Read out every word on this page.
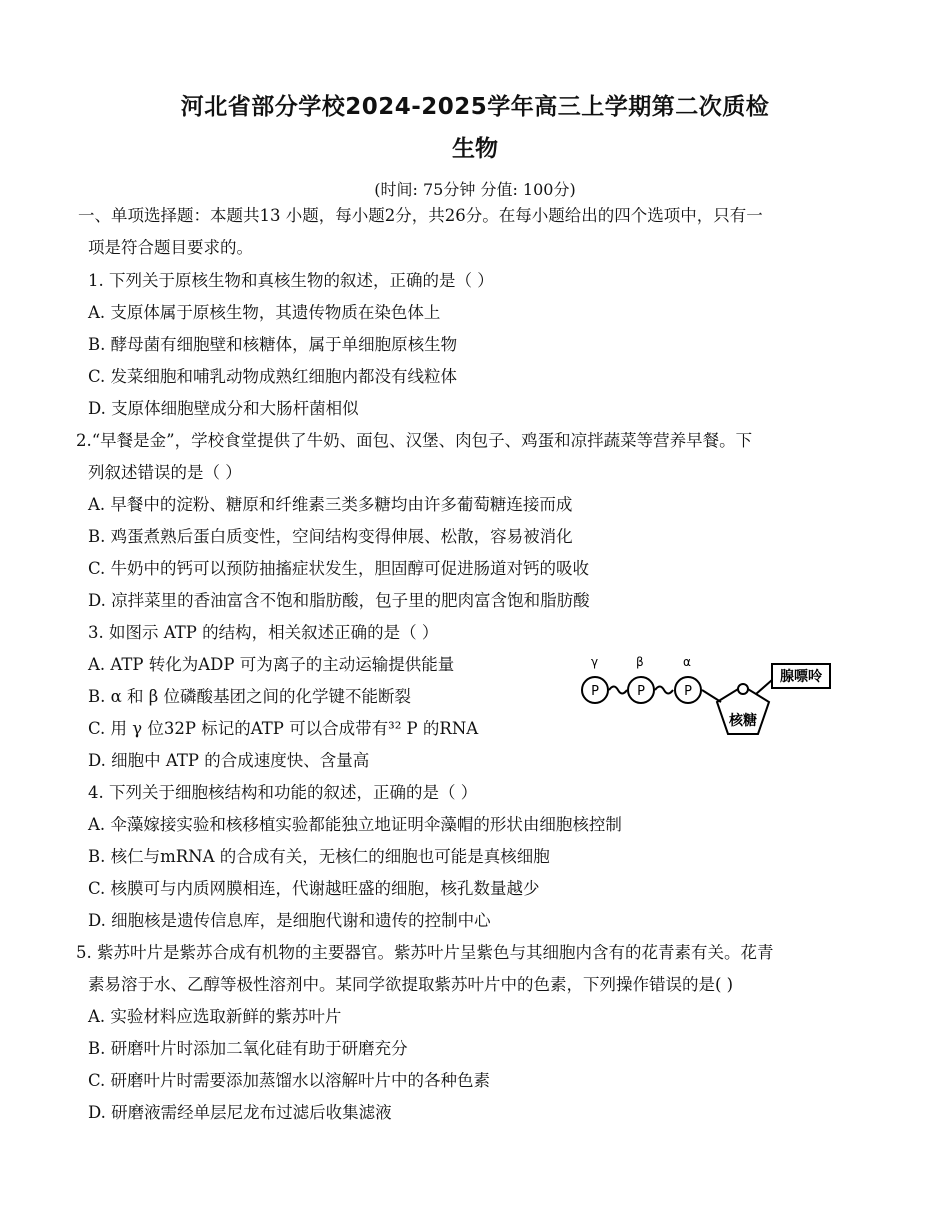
河北省部分学校2024-2025学年高三上学期第二次质检
生物
(时间: 75分钟 分值: 100分)
一、单项选择题：本题共13 小题，每小题2分，共26分。在每小题给出的四个选项中，只有一
项是符合题目要求的。
1. 下列关于原核生物和真核生物的叙述，正确的是（ ）
A. 支原体属于原核生物，其遗传物质在染色体上
B. 酵母菌有细胞壁和核糖体，属于单细胞原核生物
C. 发菜细胞和哺乳动物成熟红细胞内都没有线粒体
D. 支原体细胞壁成分和大肠杆菌相似
2.“早餐是金”，学校食堂提供了牛奶、面包、汉堡、肉包子、鸡蛋和凉拌蔬菜等营养早餐。下
列叙述错误的是（ ）
A. 早餐中的淀粉、糖原和纤维素三类多糖均由许多葡萄糖连接而成
B. 鸡蛋煮熟后蛋白质变性，空间结构变得伸展、松散，容易被消化
C. 牛奶中的钙可以预防抽搐症状发生，胆固醇可促进肠道对钙的吸收
D. 凉拌菜里的香油富含不饱和脂肪酸，包子里的肥肉富含饱和脂肪酸
3. 如图示 ATP 的结构，相关叙述正确的是（ ）
A. ATP 转化为ADP 可为离子的主动运输提供能量
B. α 和 β 位磷酸基团之间的化学键不能断裂
C. 用 γ 位32P 标记的ATP 可以合成带有³² P 的RNA
D. 细胞中 ATP 的合成速度快、含量高
γ	β	α
P	P	P
腺嘌呤
核糖
4. 下列关于细胞核结构和功能的叙述，正确的是（ ）
A. 伞藻嫁接实验和核移植实验都能独立地证明伞藻帽的形状由细胞核控制
B. 核仁与mRNA 的合成有关，无核仁的细胞也可能是真核细胞
C. 核膜可与内质网膜相连，代谢越旺盛的细胞，核孔数量越少
D. 细胞核是遗传信息库，是细胞代谢和遗传的控制中心
5. 紫苏叶片是紫苏合成有机物的主要器官。紫苏叶片呈紫色与其细胞内含有的花青素有关。花青
素易溶于水、乙醇等极性溶剂中。某同学欲提取紫苏叶片中的色素，下列操作错误的是( )
A. 实验材料应选取新鲜的紫苏叶片
B. 研磨叶片时添加二氧化硅有助于研磨充分
C. 研磨叶片时需要添加蒸馏水以溶解叶片中的各种色素
D. 研磨液需经单层尼龙布过滤后收集滤液
